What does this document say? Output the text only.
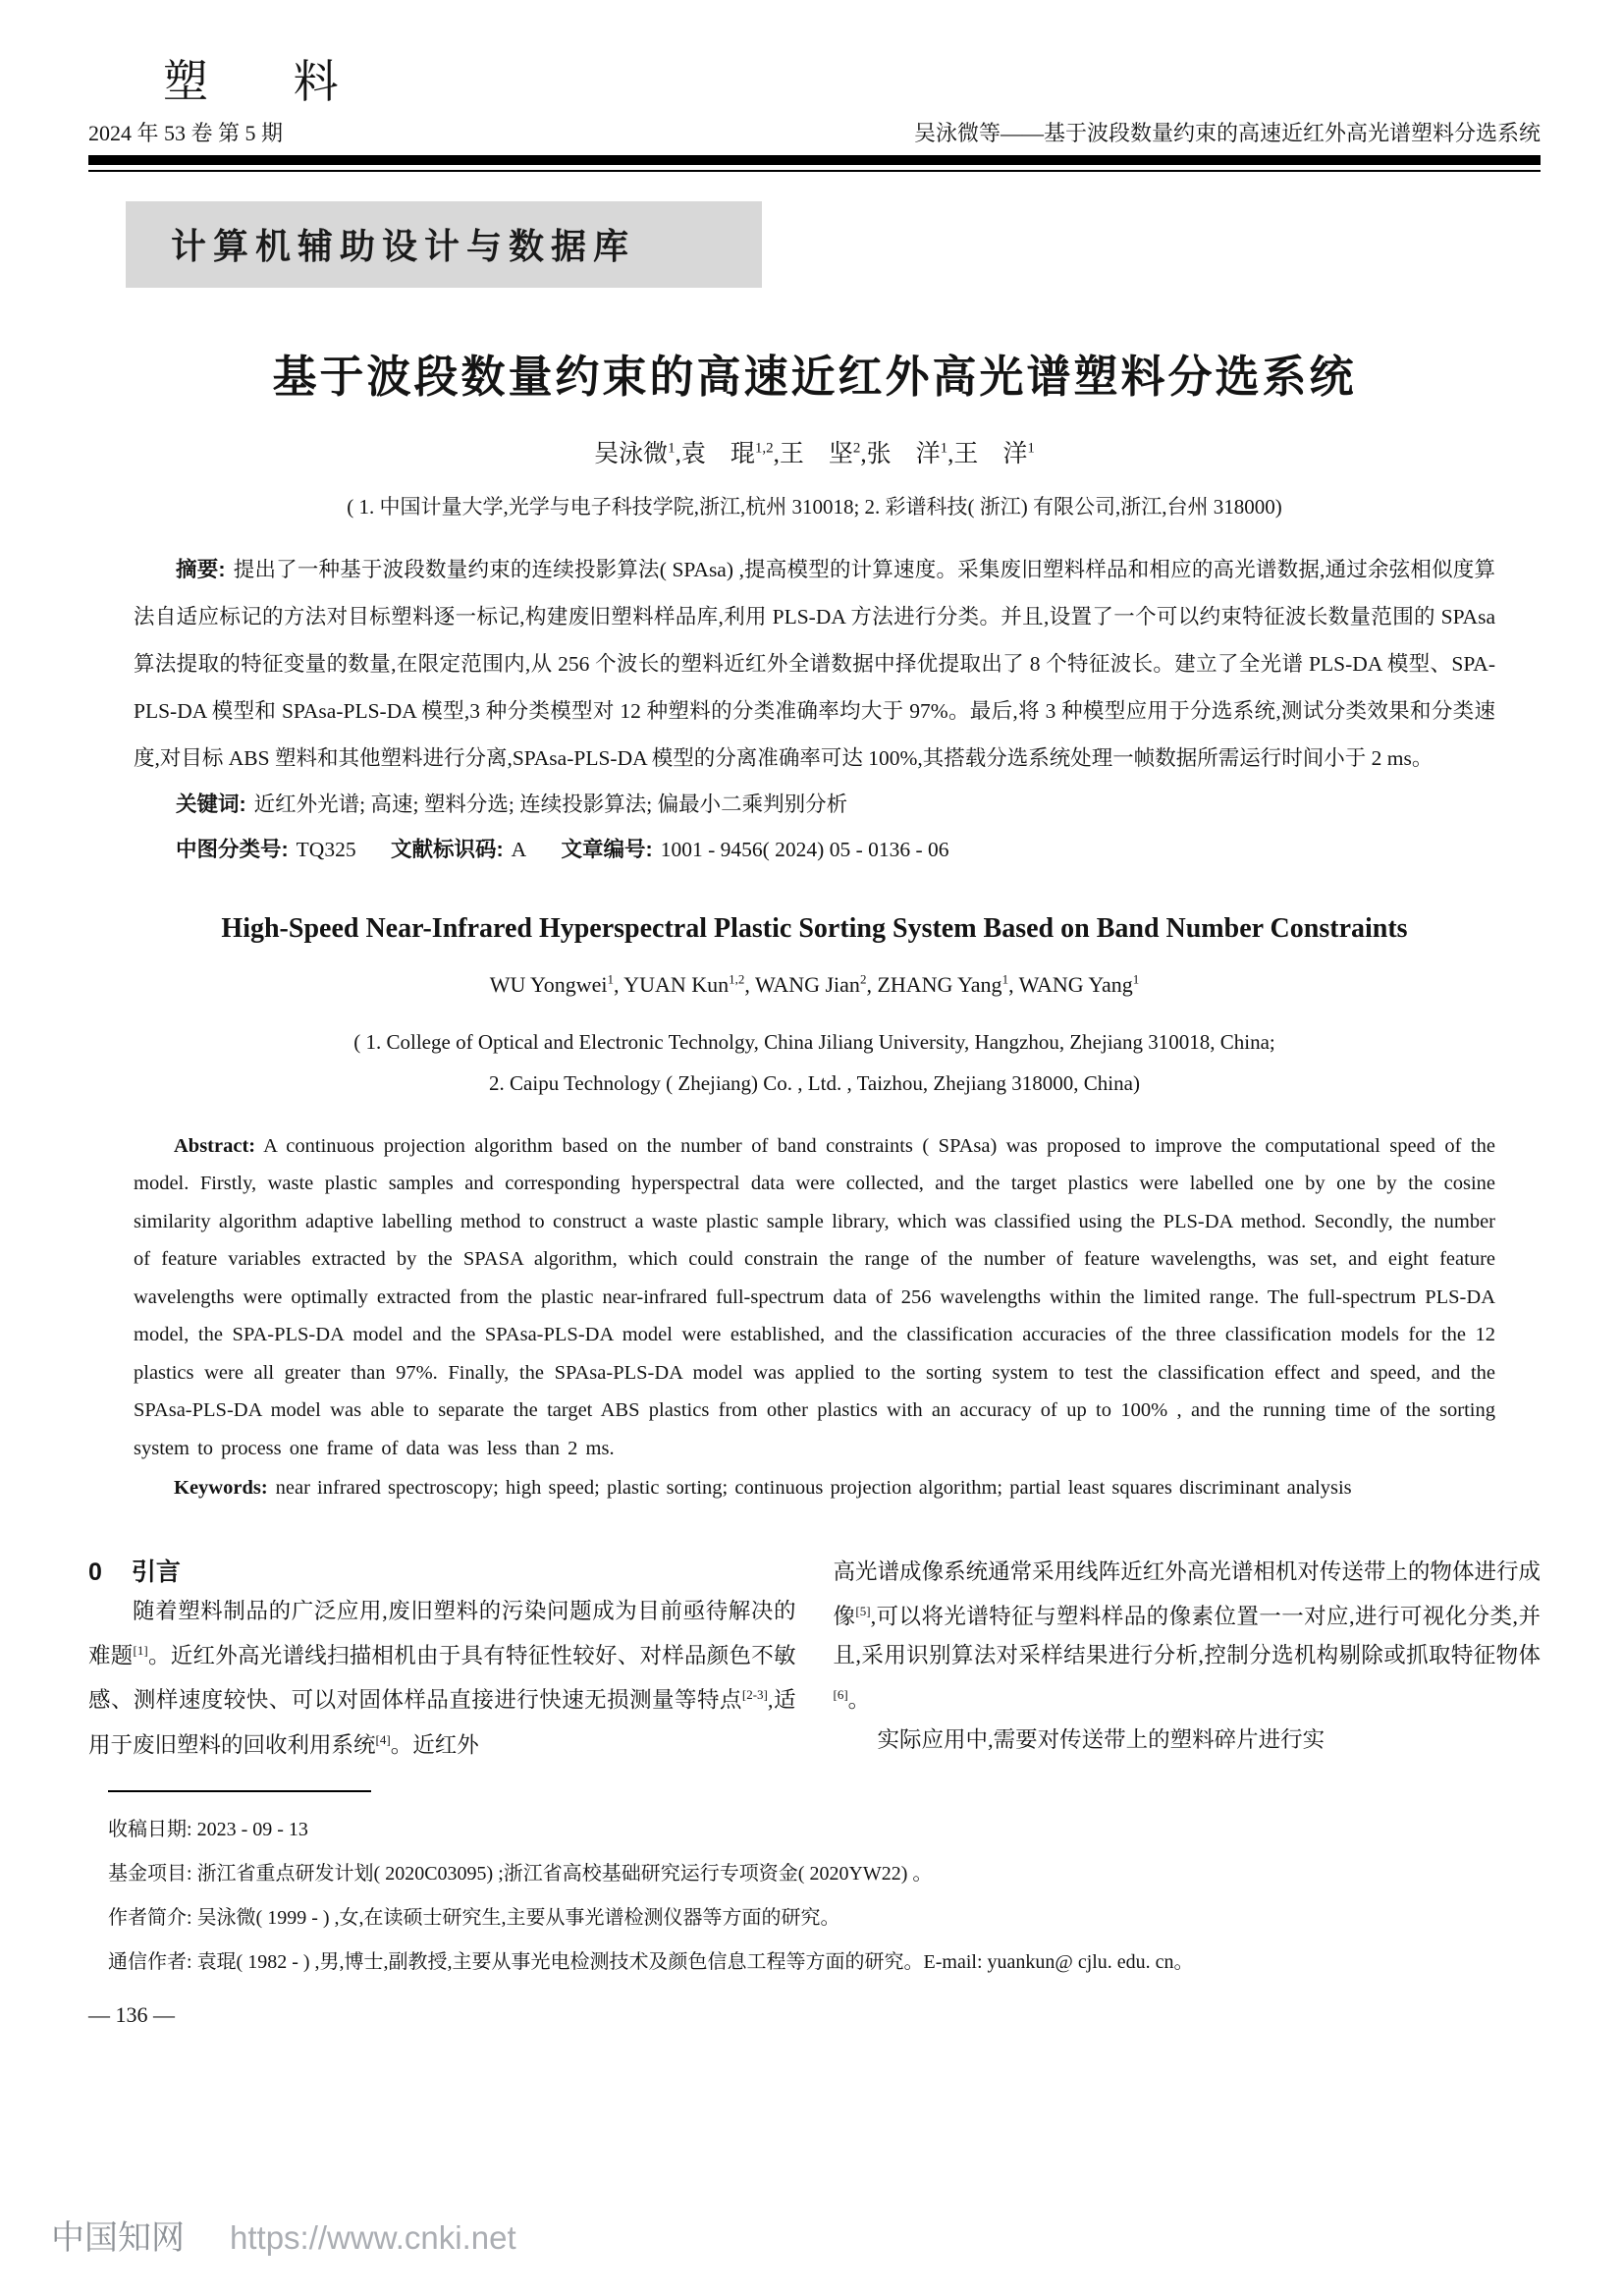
塑 料
2024 年 53 卷 第 5 期	吴泳微等——基于波段数量约束的高速近红外高光谱塑料分选系统
计算机辅助设计与数据库
基于波段数量约束的高速近红外高光谱塑料分选系统
吴泳微$^1$,袁　琨$^{1,2}$,王　坚$^2$,张　洋$^1$,王　洋$^1$
( 1. 中国计量大学,光学与电子科技学院,浙江,杭州 310018; 2. 彩谱科技( 浙江) 有限公司,浙江,台州 318000)

摘要: 提出了一种基于波段数量约束的连续投影算法( SPAsa) ,提高模型的计算速度。采集废旧塑料样品和相应的高光谱数据,通过余弦相似度算法自适应标记的方法对目标塑料逐一标记,构建废旧塑料样品库,利用 PLS-DA 方法进行分类。并且,设置了一个可以约束特征波长数量范围的 SPAsa 算法提取的特征变量的数量,在限定范围内,从 256 个波长的塑料近红外全谱数据中择优提取出了 8 个特征波长。建立了全光谱 PLS-DA 模型、SPA-PLS-DA 模型和 SPAsa-PLS-DA 模型,3 种分类模型对 12 种塑料的分类准确率均大于 97%。最后,将 3 种模型应用于分选系统,测试分类效果和分类速度,对目标 ABS 塑料和其他塑料进行分离,SPAsa-PLS-DA 模型的分离准确率可达 100%,其搭载分选系统处理一帧数据所需运行时间小于 2 ms。

关键词: 近红外光谱; 高速; 塑料分选; 连续投影算法; 偏最小二乘判别分析

中图分类号: TQ325 文献标识码: A 文章编号: 1001 - 9456( 2024) 05 - 0136 - 06

High-Speed Near-Infrared Hyperspectral Plastic Sorting System Based on Band Number Constraints
WU Yongwei$^1$, YUAN Kun$^{1,2}$, WANG Jian$^2$, ZHANG Yang$^1$, WANG Yang$^1$
( 1. College of Optical and Electronic Technolgy, China Jiliang University, Hangzhou, Zhejiang 310018, China;
2. Caipu Technology ( Zhejiang) Co. , Ltd. , Taizhou, Zhejiang 318000, China)

Abstract: A continuous projection algorithm based on the number of band constraints ( SPAsa) was proposed to improve the computational speed of the model. Firstly, waste plastic samples and corresponding hyperspectral data were collected, and the target plastics were labelled one by one by the cosine similarity algorithm adaptive labelling method to construct a waste plastic sample library, which was classified using the PLS-DA method. Secondly, the number of feature variables extracted by the SPASA algorithm, which could constrain the range of the number of feature wavelengths, was set, and eight feature wavelengths were optimally extracted from the plastic near-infrared full-spectrum data of 256 wavelengths within the limited range. The full-spectrum PLS-DA model, the SPA-PLS-DA model and the SPAsa-PLS-DA model were established, and the classification accuracies of the three classification models for the 12 plastics were all greater than 97%. Finally, the SPAsa-PLS-DA model was applied to the sorting system to test the classification effect and speed, and the SPAsa-PLS-DA model was able to separate the target ABS plastics from other plastics with an accuracy of up to 100% , and the running time of the sorting system to process one frame of data was less than 2 ms.

Keywords: near infrared spectroscopy; high speed; plastic sorting; continuous projection algorithm; partial least squares discriminant analysis

0 引言

随着塑料制品的广泛应用,废旧塑料的污染问题成为目前亟待解决的难题[1]。近红外高光谱线扫描相机由于具有特征性较好、对样品颜色不敏感、测样速度较快、可以对固体样品直接进行快速无损测量等特点[2-3],适用于废旧塑料的回收利用系统[4]。近红外

高光谱成像系统通常采用线阵近红外高光谱相机对传送带上的物体进行成像[5],可以将光谱特征与塑料样品的像素位置一一对应,进行可视化分类,并且,采用识别算法对采样结果进行分析,控制分选机构剔除或抓取特征物体[6]。

实际应用中,需要对传送带上的塑料碎片进行实

收稿日期: 2023 - 09 - 13

基金项目: 浙江省重点研发计划( 2020C03095) ;浙江省高校基础研究运行专项资金( 2020YW22) 。

作者简介: 吴泳微( 1999 - ) ,女,在读硕士研究生,主要从事光谱检测仪器等方面的研究。

通信作者: 袁琨( 1982 - ) ,男,博士,副教授,主要从事光电检测技术及颜色信息工程等方面的研究。E-mail: yuankun@ cjlu. edu. cn。

— 136 —
中国知网 https://www.cnki.net
